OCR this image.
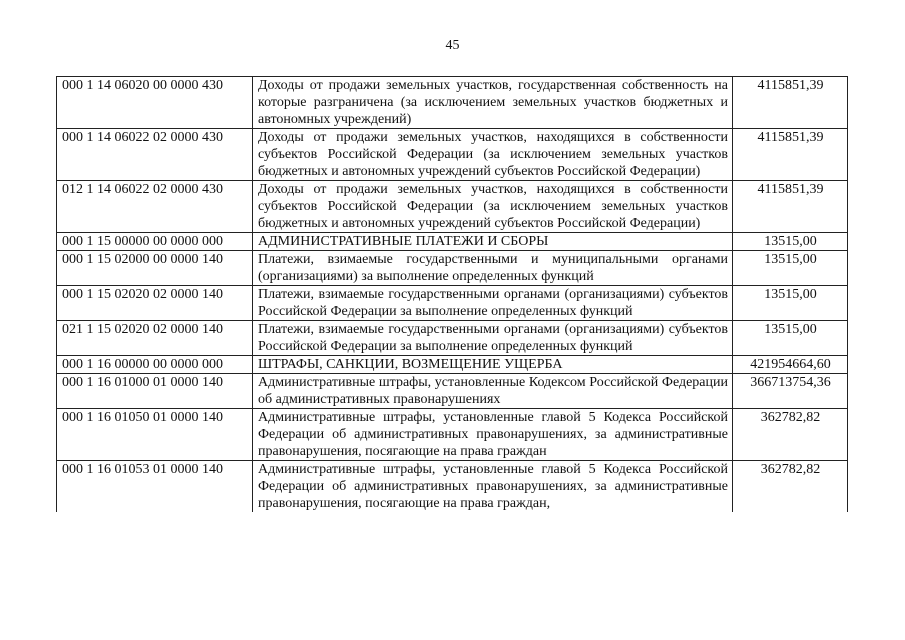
45
000 1 14 06020 00 0000 430	Доходы от продажи земельных участков, государственная собственность на которые разграничена (за исключением земельных участков бюджетных и автономных учреждений)	4115851,39
000 1 14 06022 02 0000 430	Доходы от продажи земельных участков, находящихся в собственности субъектов Российской Федерации (за исключением земельных участков бюджетных и автономных учреждений субъектов Российской Федерации)	4115851,39
012 1 14 06022 02 0000 430	Доходы от продажи земельных участков, находящихся в собственности субъектов Российской Федерации (за исключением земельных участков бюджетных и автономных учреждений субъектов Российской Федерации)	4115851,39
000 1 15 00000 00 0000 000	АДМИНИСТРАТИВНЫЕ ПЛАТЕЖИ И СБОРЫ	13515,00
000 1 15 02000 00 0000 140	Платежи, взимаемые государственными и муниципальными органами (организациями) за выполнение определенных функций	13515,00
000 1 15 02020 02 0000 140	Платежи, взимаемые государственными органами (организациями) субъектов Российской Федерации за выполнение определенных функций	13515,00
021 1 15 02020 02 0000 140	Платежи, взимаемые государственными органами (организациями) субъектов Российской Федерации за выполнение определенных функций	13515,00
000 1 16 00000 00 0000 000	ШТРАФЫ, САНКЦИИ, ВОЗМЕЩЕНИЕ УЩЕРБА	421954664,60
000 1 16 01000 01 0000 140	Административные штрафы, установленные Кодексом Российской Федерации об административных правонарушениях	366713754,36
000 1 16 01050 01 0000 140	Административные штрафы, установленные главой 5 Кодекса Российской Федерации об административных правонарушениях, за административные правонарушения, посягающие на права граждан	362782,82
000 1 16 01053 01 0000 140	Административные штрафы, установленные главой 5 Кодекса Российской Федерации об административных правонарушениях, за административные правонарушения, посягающие на права граждан,	362782,82
